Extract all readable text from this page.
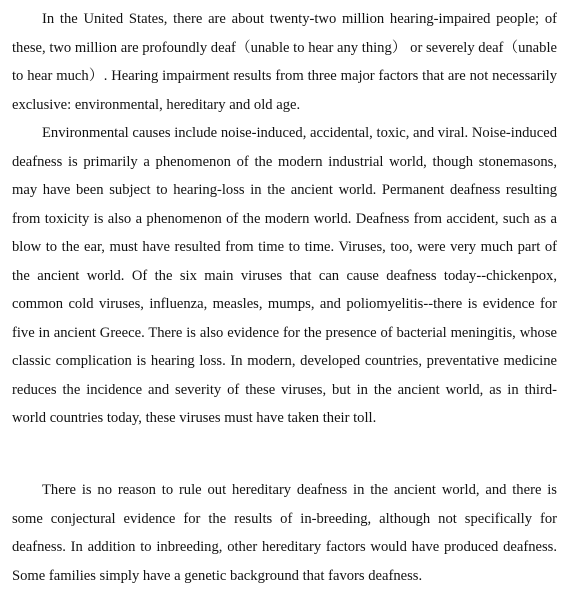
In the United States, there are about twenty-two million hearing-impaired people; of these, two million are profoundly deaf（unable to hear any thing） or severely deaf（unable to hear much）. Hearing impairment results from three major factors that are not necessarily exclusive: environmental, hereditary and old age.

Environmental causes include noise-induced, accidental, toxic, and viral. Noise-induced deafness is primarily a phenomenon of the modern industrial world, though stonemasons, may have been subject to hearing-loss in the ancient world. Permanent deafness resulting from toxicity is also a phenomenon of the modern world. Deafness from accident, such as a blow to the ear, must have resulted from time to time. Viruses, too, were very much part of the ancient world. Of the six main viruses that can cause deafness today--chickenpox, common cold viruses, influenza, measles, mumps, and poliomyelitis--there is evidence for five in ancient Greece. There is also evidence for the presence of bacterial meningitis, whose classic complication is hearing loss. In modern, developed countries, preventative medicine reduces the incidence and severity of these viruses, but in the ancient world, as in third-world countries today, these viruses must have taken their toll.

There is no reason to rule out hereditary deafness in the ancient world, and there is some conjectural evidence for the results of in-breeding, although not specifically for deafness. In addition to inbreeding, other hereditary factors would have produced deafness. Some families simply have a genetic background that favors deafness.
